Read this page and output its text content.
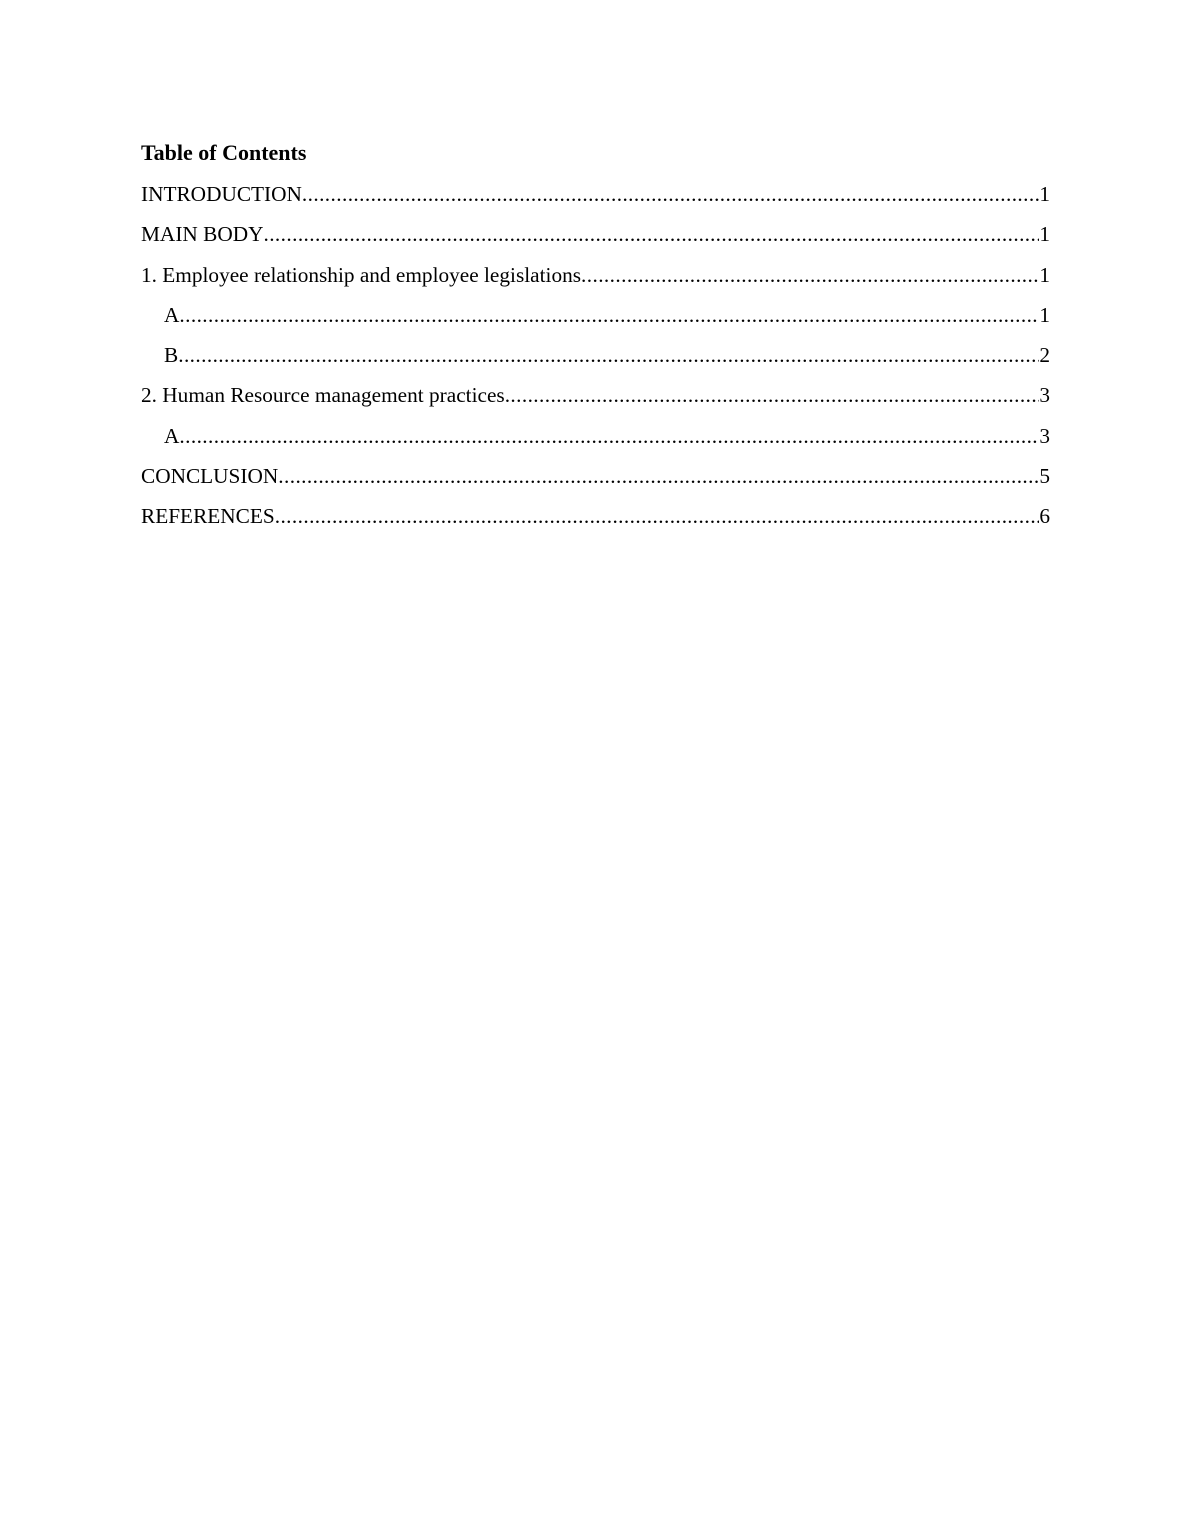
Table of Contents
INTRODUCTION .....	1
MAIN BODY .....	1
1. Employee relationship and employee legislations .....	1
A .....	1
B .....	2
2. Human Resource management practices .....	3
A .....	3
CONCLUSION .....	5
REFERENCES .....	6
